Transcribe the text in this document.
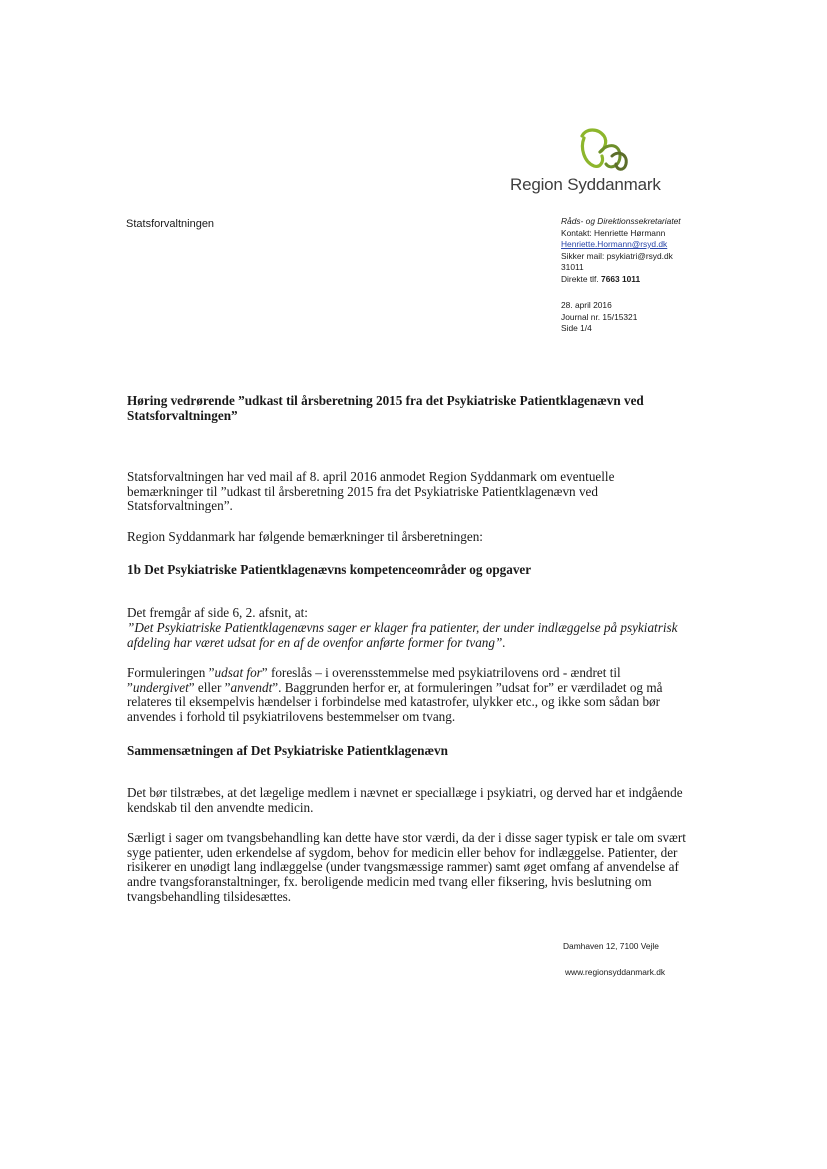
Region Syddanmark
Statsforvaltningen	Råds- og Direktionssekretariatet
Kontakt: Henriette Hørmann
Henriette.Hormann@rsyd.dk
Sikker mail: psykiatri@rsyd.dk
31011
Direkte tlf. 7663 1011
28. april 2016
Journal nr. 15/15321
Side 1/4
Høring vedrørende ”udkast til årsberetning 2015 fra det Psykiatriske Patientklagenævn ved Statsforvaltningen”

Statsforvaltningen har ved mail af 8. april 2016 anmodet Region Syddanmark om eventuelle bemærkninger til ”udkast til årsberetning 2015 fra det Psykiatriske Patientklagenævn ved Statsforvaltningen”.

Region Syddanmark har følgende bemærkninger til årsberetningen:

1b Det Psykiatriske Patientklagenævns kompetenceområder og opgaver

Det fremgår af side 6, 2. afsnit, at:

”Det Psykiatriske Patientklagenævns sager er klager fra patienter, der under indlæggelse på psykiatrisk afdeling har været udsat for en af de ovenfor anførte former for tvang”.

Formuleringen ”udsat for” foreslås – i overensstemmelse med psykiatrilovens ord - ændret til ”undergivet” eller ”anvendt”. Baggrunden herfor er, at formuleringen ”udsat for” er værdiladet og må relateres til eksempelvis hændelser i forbindelse med katastrofer, ulykker etc., og ikke som sådan bør anvendes i forhold til psykiatrilovens bestemmelser om tvang.

Sammensætningen af Det Psykiatriske Patientklagenævn

Det bør tilstræbes, at det lægelige medlem i nævnet er speciallæge i psykiatri, og derved har et indgående kendskab til den anvendte medicin.

Særligt i sager om tvangsbehandling kan dette have stor værdi, da der i disse sager typisk er tale om svært syge patienter, uden erkendelse af sygdom, behov for medicin eller behov for indlæggelse. Patienter, der risikerer en unødigt lang indlæggelse (under tvangsmæssige rammer) samt øget omfang af anvendelse af andre tvangsforanstaltninger, fx. beroligende medicin med tvang eller fiksering, hvis beslutning om tvangsbehandling tilsidesættes.

Damhaven 12, 7100 Vejle
www.regionsyddanmark.dk
